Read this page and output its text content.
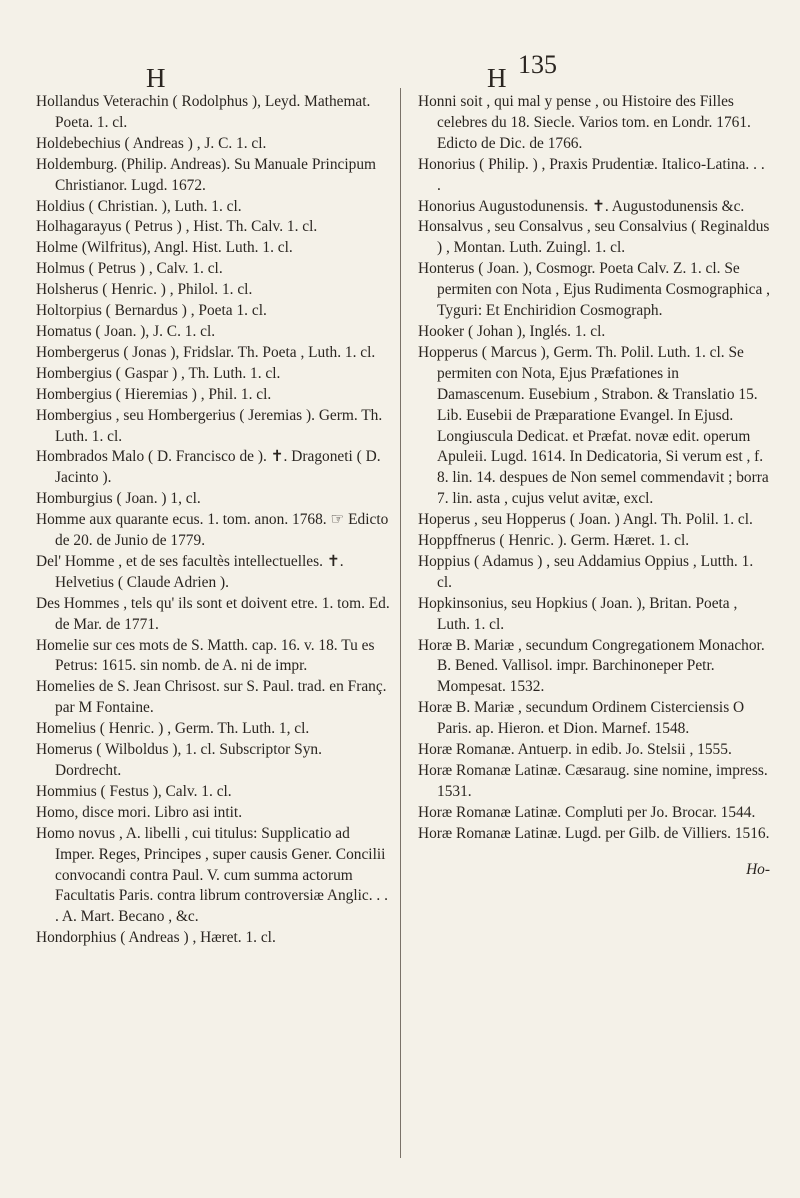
H	135
H

Hollandus Veterachin ( Rodolphus ), Leyd. Mathemat. Poeta. 1. cl.

Holdebechius ( Andreas ) , J. C. 1. cl.

Holdemburg. (Philip. Andreas). Su Manuale Principum Christianor. Lugd. 1672.

Holdius ( Christian. ), Luth. 1. cl.

Holhagarayus ( Petrus ) , Hist. Th. Calv. 1. cl.

Holme (Wilfritus), Angl. Hist. Luth. 1. cl.

Holmus ( Petrus ) , Calv. 1. cl.

Holsherus ( Henric. ) , Philol. 1. cl.

Holtorpius ( Bernardus ) , Poeta 1. cl.

Homatus ( Joan. ), J. C. 1. cl.

Hombergerus ( Jonas ), Fridslar. Th. Poeta , Luth. 1. cl.

Hombergius ( Gaspar ) , Th. Luth. 1. cl.

Hombergius ( Hieremias ) , Phil. 1. cl.

Hombergius , seu Hombergerius ( Jeremias ). Germ. Th. Luth. 1. cl.

Hombrados Malo ( D. Francisco de ). ✝. Dragoneti ( D. Jacinto ).

Homburgius ( Joan. ) 1, cl.

Homme aux quarante ecus. 1. tom. anon. 1768. ☞ Edicto de 20. de Junio de 1779.

Del' Homme , et de ses facultès intellectuelles. ✝. Helvetius ( Claude Adrien ).

Des Hommes , tels qu' ils sont et doivent etre. 1. tom. Ed. de Mar. de 1771.

Homelie sur ces mots de S. Matth. cap. 16. v. 18. Tu es Petrus: 1615. sin nomb. de A. ni de impr.

Homelies de S. Jean Chrisost. sur S. Paul. trad. en Franç. par M Fontaine.

Homelius ( Henric. ) , Germ. Th. Luth. 1, cl.

Homerus ( Wilboldus ), 1. cl. Subscriptor Syn. Dordrecht.

Hommius ( Festus ), Calv. 1. cl.

Homo, disce mori. Libro asi intit.

Homo novus , A. libelli , cui titulus: Supplicatio ad Imper. Reges, Principes , super causis Gener. Concilii convocandi contra Paul. V. cum summa actorum Facultatis Paris. contra librum controversiæ Anglic. . . . A. Mart. Becano , &c.

Hondorphius ( Andreas ) , Hæret. 1. cl.

Honni soit , qui mal y pense , ou Histoire des Filles celebres du 18. Siecle. Varios tom. en Londr. 1761. Edicto de Dic. de 1766.

Honorius ( Philip. ) , Praxis Prudentiæ. Italico-Latina. . . .

Honorius Augustodunensis. ✝. Augustodunensis &c.

Honsalvus , seu Consalvus , seu Consalvius ( Reginaldus ) , Montan. Luth. Zuingl. 1. cl.

Honterus ( Joan. ), Cosmogr. Poeta Calv. Z. 1. cl. Se permiten con Nota , Ejus Rudimenta Cosmographica , Tyguri: Et Enchiridion Cosmograph.

Hooker ( Johan ), Inglés. 1. cl.

Hopperus ( Marcus ), Germ. Th. Polil. Luth. 1. cl. Se permiten con Nota, Ejus Præfationes in Damascenum. Eusebium , Strabon. & Translatio 15. Lib. Eusebii de Præparatione Evangel. In Ejusd. Longiuscula Dedicat. et Præfat. novæ edit. operum Apuleii. Lugd. 1614. In Dedicatoria, Si verum est , f. 8. lin. 14. despues de Non semel commendavit ; borra 7. lin. asta , cujus velut avitæ, excl.

Hoperus , seu Hopperus ( Joan. ) Angl. Th. Polil. 1. cl.

Hoppffnerus ( Henric. ). Germ. Hæret. 1. cl.

Hoppius ( Adamus ) , seu Addamius Oppius , Lutth. 1. cl.

Hopkinsonius, seu Hopkius ( Joan. ), Britan. Poeta , Luth. 1. cl.

Horæ B. Mariæ , secundum Congregationem Monachor. B. Bened. Vallisol. impr. Barchinoneper Petr. Mompesat. 1532.

Horæ B. Mariæ , secundum Ordinem Cisterciensis O Paris. ap. Hieron. et Dion. Marnef. 1548.

Horæ Romanæ. Antuerp. in edib. Jo. Stelsii , 1555.

Horæ Romanæ Latinæ. Cæsaraug. sine nomine, impress. 1531.

Horæ Romanæ Latinæ. Compluti per Jo. Brocar. 1544.

Horæ Romanæ Latinæ. Lugd. per Gilb. de Villiers. 1516.

Ho-
